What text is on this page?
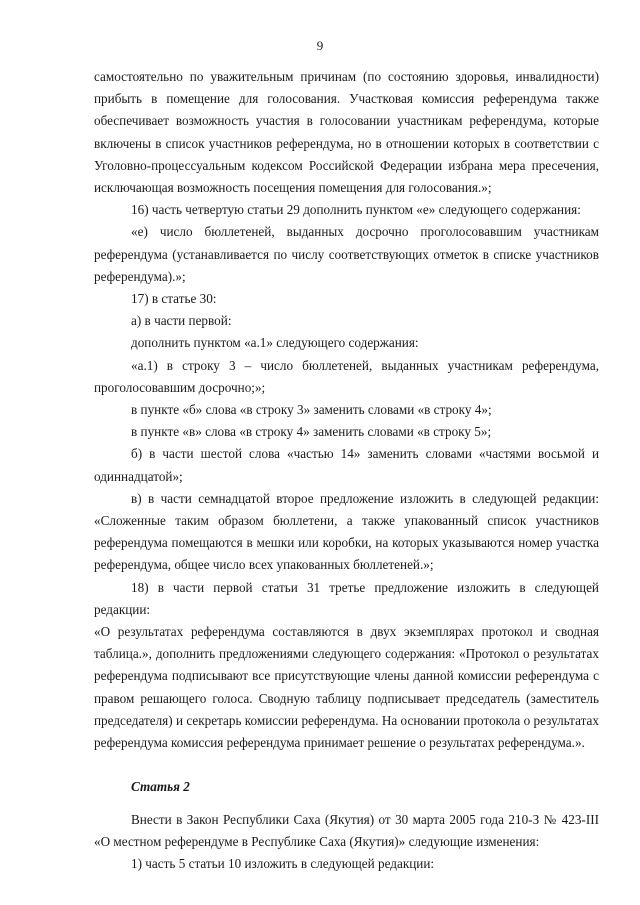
9

самостоятельно по уважительным причинам (по состоянию здоровья, инвалидности)

прибыть в помещение для голосования. Участковая комиссия референдума также

обеспечивает возможность участия в голосовании участникам референдума, которые

включены в список участников референдума, но в отношении которых в соответствии с

Уголовно-процессуальным кодексом Российской Федерации избрана мера пресечения,

исключающая возможность посещения помещения для голосования.»;

16) часть четвертую статьи 29 дополнить пунктом «е» следующего содержания:

«е) число бюллетеней, выданных досрочно проголосовавшим участникам

референдума (устанавливается по числу соответствующих отметок в списке участников

референдума).»;

17) в статье 30:

а) в части первой:

дополнить пунктом «а.1» следующего содержания:

«а.1) в строку 3 – число бюллетеней, выданных участникам референдума,

проголосовавшим досрочно;»;

в пункте «б» слова «в строку 3» заменить словами «в строку 4»;

в пункте «в» слова «в строку 4» заменить словами «в строку 5»;

б) в части шестой слова «частью 14» заменить словами «частями восьмой и

одиннадцатой»;

в) в части семнадцатой второе предложение изложить в следующей редакции:

«Сложенные таким образом бюллетени, а также упакованный список участников

референдума помещаются в мешки или коробки, на которых указываются номер участка

референдума, общее число всех упакованных бюллетеней.»;

18) в части первой статьи 31 третье предложение изложить в следующей редакции:

«О результатах референдума составляются в двух экземплярах протокол и сводная

таблица.», дополнить предложениями следующего содержания: «Протокол о результатах

референдума подписывают все присутствующие члены данной комиссии референдума с

правом решающего голоса. Сводную таблицу подписывает председатель (заместитель

председателя) и секретарь комиссии референдума. На основании протокола о результатах

референдума комиссия референдума принимает решение о результатах референдума.».

Статья 2

Внести в Закон Республики Саха (Якутия) от 30 марта 2005 года 210-З № 423-III

«О местном референдуме в Республике Саха (Якутия)» следующие изменения:

1) часть 5 статьи 10 изложить в следующей редакции:
